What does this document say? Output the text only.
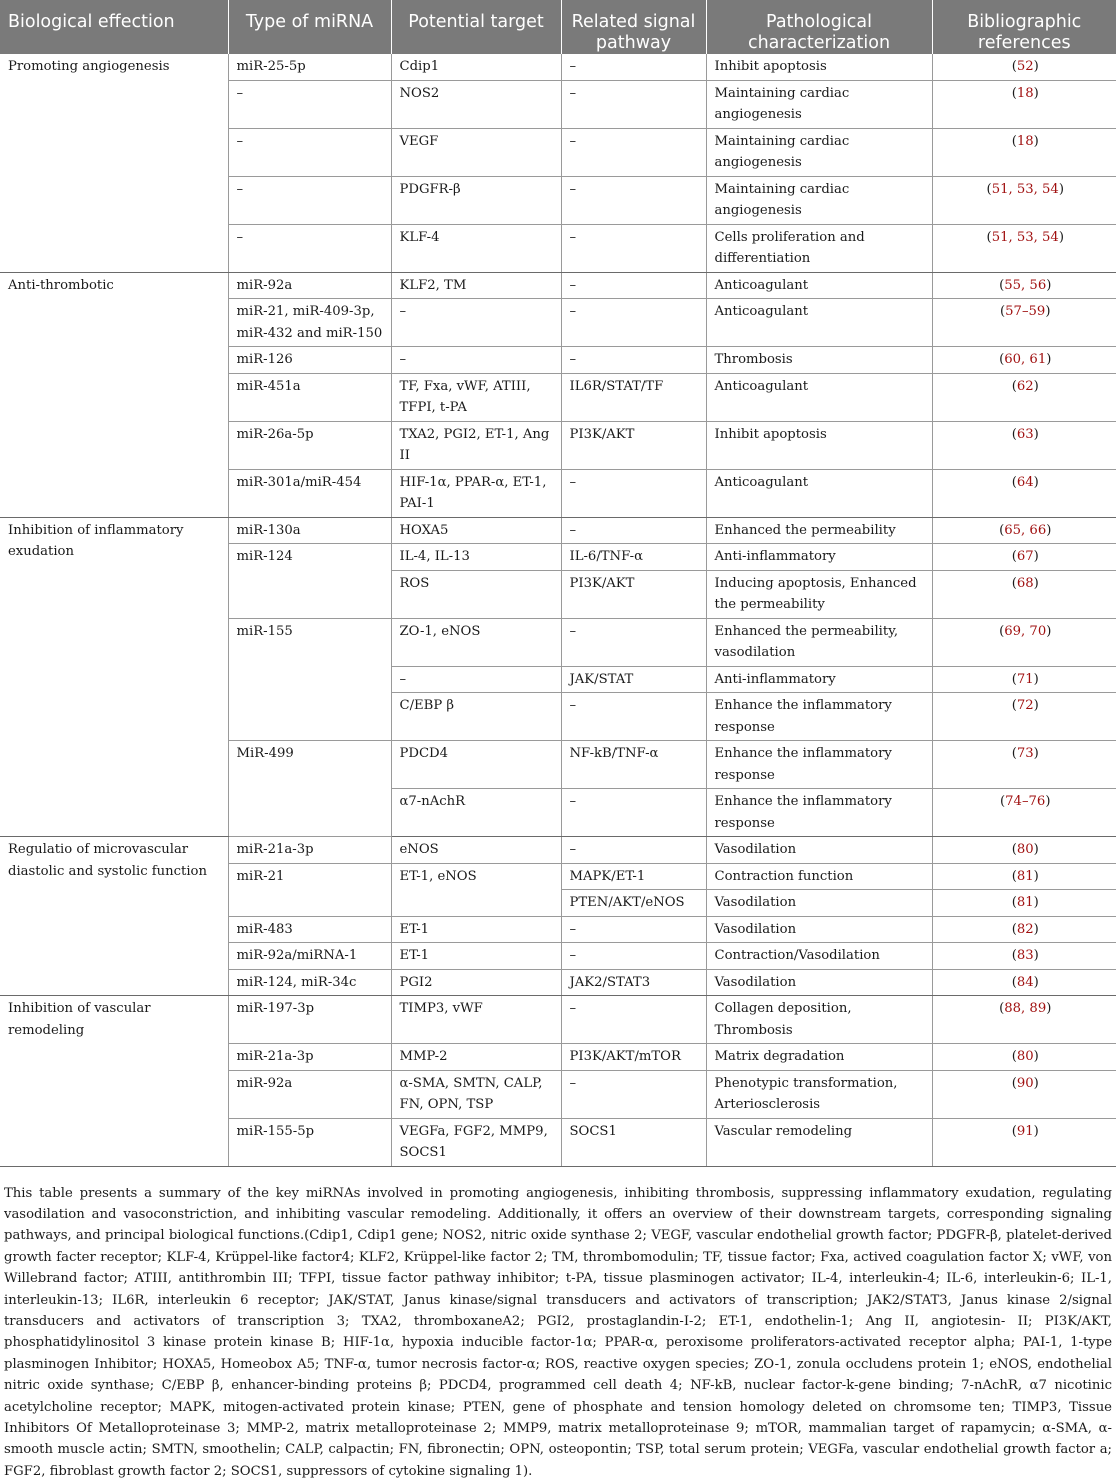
Biological effection	Type of miRNA	Potential target	Related signal pathway	Pathological characterization	Bibliographic references
Promoting angiogenesis	miR-25-5p	Cdip1	–	Inhibit apoptosis	(52)
	–	NOS2	–	Maintaining cardiac angiogenesis	(18)
	–	VEGF	–	Maintaining cardiac angiogenesis	(18)
	–	PDGFR-β	–	Maintaining cardiac angiogenesis	(51, 53, 54)
	–	KLF-4	–	Cells proliferation and differentiation	(51, 53, 54)
Anti-thrombotic	miR-92a	KLF2, TM	–	Anticoagulant	(55, 56)
	miR-21, miR-409-3p, miR-432 and miR-150	–	–	Anticoagulant	(57–59)
	miR-126	–	–	Thrombosis	(60, 61)
	miR-451a	TF, Fxa, vWF, ATIII, TFPI, t-PA	IL6R/STAT/TF	Anticoagulant	(62)
	miR-26a-5p	TXA2, PGI2, ET-1, Ang II	PI3K/AKT	Inhibit apoptosis	(63)
	miR-301a/miR-454	HIF-1α, PPAR-α, ET-1, PAI-1	–	Anticoagulant	(64)
Inhibition of inflammatory exudation	miR-130a	HOXA5	–	Enhanced the permeability	(65, 66)
	miR-124	IL-4, IL-13	IL-6/TNF-α	Anti-inflammatory	(67)
		ROS	PI3K/AKT	Inducing apoptosis, Enhanced the permeability	(68)
	miR-155	ZO-1, eNOS	–	Enhanced the permeability, vasodilation	(69, 70)
		–	JAK/STAT	Anti-inflammatory	(71)
		C/EBP β	–	Enhance the inflammatory response	(72)
	MiR-499	PDCD4	NF-kB/TNF-α	Enhance the inflammatory response	(73)
		α7-nAchR	–	Enhance the inflammatory response	(74–76)
Regulatio of microvascular diastolic and systolic function	miR-21a-3p	eNOS	–	Vasodilation	(80)
	miR-21	ET-1, eNOS	MAPK/ET-1	Contraction function	(81)
			PTEN/AKT/eNOS	Vasodilation	(81)
	miR-483	ET-1	–	Vasodilation	(82)
	miR-92a/miRNA-1	ET-1	–	Contraction/Vasodilation	(83)
	miR-124, miR-34c	PGI2	JAK2/STAT3	Vasodilation	(84)
Inhibition of vascular remodeling	miR-197-3p	TIMP3, vWF	–	Collagen deposition, Thrombosis	(88, 89)
	miR-21a-3p	MMP-2	PI3K/AKT/mTOR	Matrix degradation	(80)
	miR-92a	α-SMA, SMTN, CALP, FN, OPN, TSP	–	Phenotypic transformation, Arteriosclerosis	(90)
	miR-155-5p	VEGFa, FGF2, MMP9, SOCS1	SOCS1	Vascular remodeling	(91)

This table presents a summary of the key miRNAs involved in promoting angiogenesis, inhibiting thrombosis, suppressing inflammatory exudation, regulating vasodilation and vasoconstriction, and inhibiting vascular remodeling. Additionally, it offers an overview of their downstream targets, corresponding signaling pathways, and principal biological functions.(Cdip1, Cdip1 gene; NOS2, nitric oxide synthase 2; VEGF, vascular endothelial growth factor; PDGFR-β, platelet-derived growth facter receptor; KLF-4, Krüppel-like factor4; KLF2, Krüppel-like factor 2; TM, thrombomodulin; TF, tissue factor; Fxa, actived coagulation factor X; vWF, von Willebrand factor; ATIII, antithrombin III; TFPI, tissue factor pathway inhibitor; t-PA, tissue plasminogen activator; IL-4, interleukin-4; IL-6, interleukin-6; IL-1, interleukin-13; IL6R, interleukin 6 receptor; JAK/STAT, Janus kinase/signal transducers and activators of transcription; JAK2/STAT3, Janus kinase 2/signal transducers and activators of transcription 3; TXA2, thromboxaneA2; PGI2, prostaglandin-I-2; ET-1, endothelin-1; Ang II, angiotesin- II; PI3K/AKT, phosphatidylinositol 3 kinase protein kinase B; HIF-1α, hypoxia inducible factor-1α; PPAR-α, peroxisome proliferators-activated receptor alpha; PAI-1, 1-type plasminogen Inhibitor; HOXA5, Homeobox A5; TNF-α, tumor necrosis factor-α; ROS, reactive oxygen species; ZO-1, zonula occludens protein 1; eNOS, endothelial nitric oxide synthase; C/EBP β, enhancer-binding proteins β; PDCD4, programmed cell death 4; NF-kB, nuclear factor-k-gene binding; 7-nAchR, α7 nicotinic acetylcholine receptor; MAPK, mitogen-activated protein kinase; PTEN, gene of phosphate and tension homology deleted on chromsome ten; TIMP3, Tissue Inhibitors Of Metalloproteinase 3; MMP-2, matrix metalloproteinase 2; MMP9, matrix metalloproteinase 9; mTOR, mammalian target of rapamycin; α-SMA, α-smooth muscle actin; SMTN, smoothelin; CALP, calpactin; FN, fibronectin; OPN, osteopontin; TSP, total serum protein; VEGFa, vascular endothelial growth factor a; FGF2, fibroblast growth factor 2; SOCS1, suppressors of cytokine signaling 1).
